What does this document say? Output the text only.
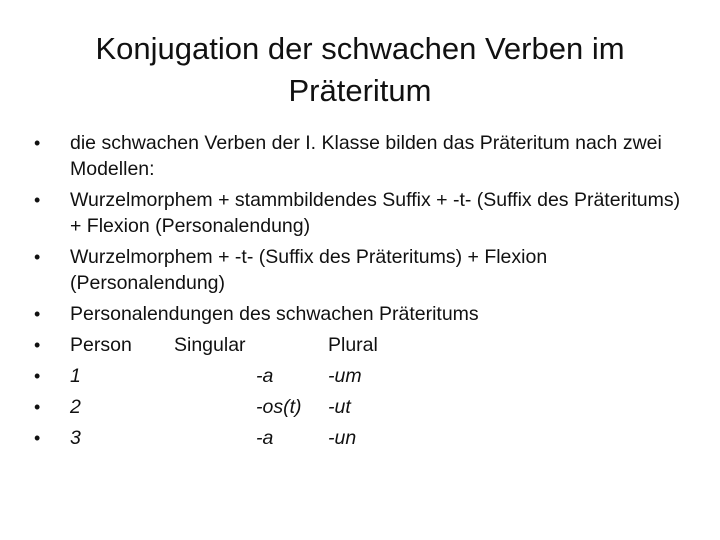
Konjugation der schwachen Verben im Präteritum
• die schwachen Verben der I. Klasse bilden das Präteritum nach zwei Modellen:
• Wurzelmorphem + stammbildendes Suffix + -t- (Suffix des Präteritums) + Flexion (Personalendung)
• Wurzelmorphem + -t- (Suffix des Präteritums) + Flexion (Personalendung)
• Personalendungen des schwachen Präteritums
• Person	Singular	Plural
• 1	-a	-um
• 2	-os(t)	-ut
• 3	-a	-un
